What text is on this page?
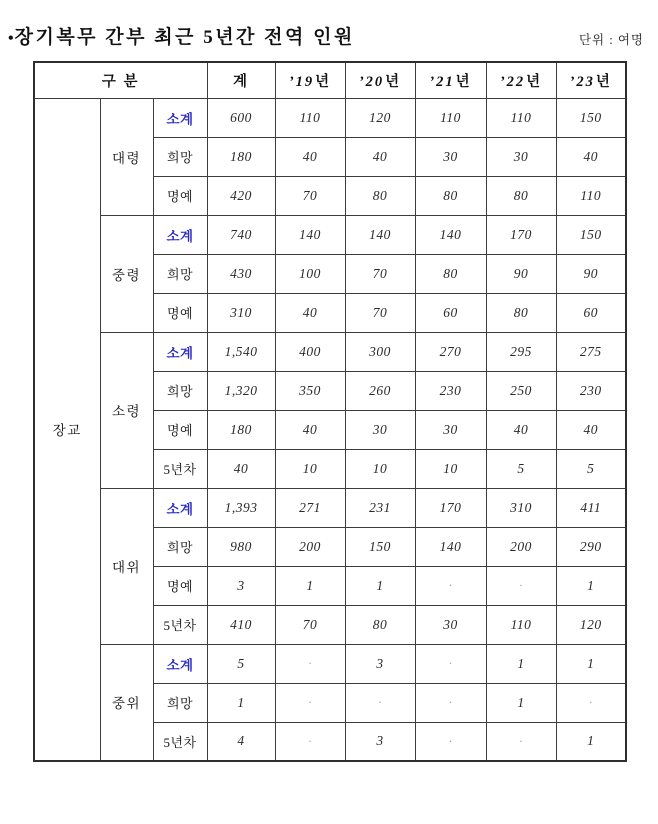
•장기복무 간부 최근 5년간 전역 인원	단위 : 여명
구 분			계	’19년	’20년	’21년	’22년	’23년
장교	대령	소계	600	110	120	110	110	150
		희망	180	40	40	30	30	40
		명예	420	70	80	80	80	110
	중령	소계	740	140	140	140	170	150
		희망	430	100	70	80	90	90
		명예	310	40	70	60	80	60
	소령	소계	1,540	400	300	270	295	275
		희망	1,320	350	260	230	250	230
		명예	180	40	30	30	40	40
		5년차	40	10	10	10	5	5
	대위	소계	1,393	271	231	170	310	411
		희망	980	200	150	140	200	290
		명예	3	1	1	·	·	1
		5년차	410	70	80	30	110	120
	중위	소계	5	·	3	·	1	1
		희망	1	·	·	·	1	·
		5년차	4	·	3	·	·	1
